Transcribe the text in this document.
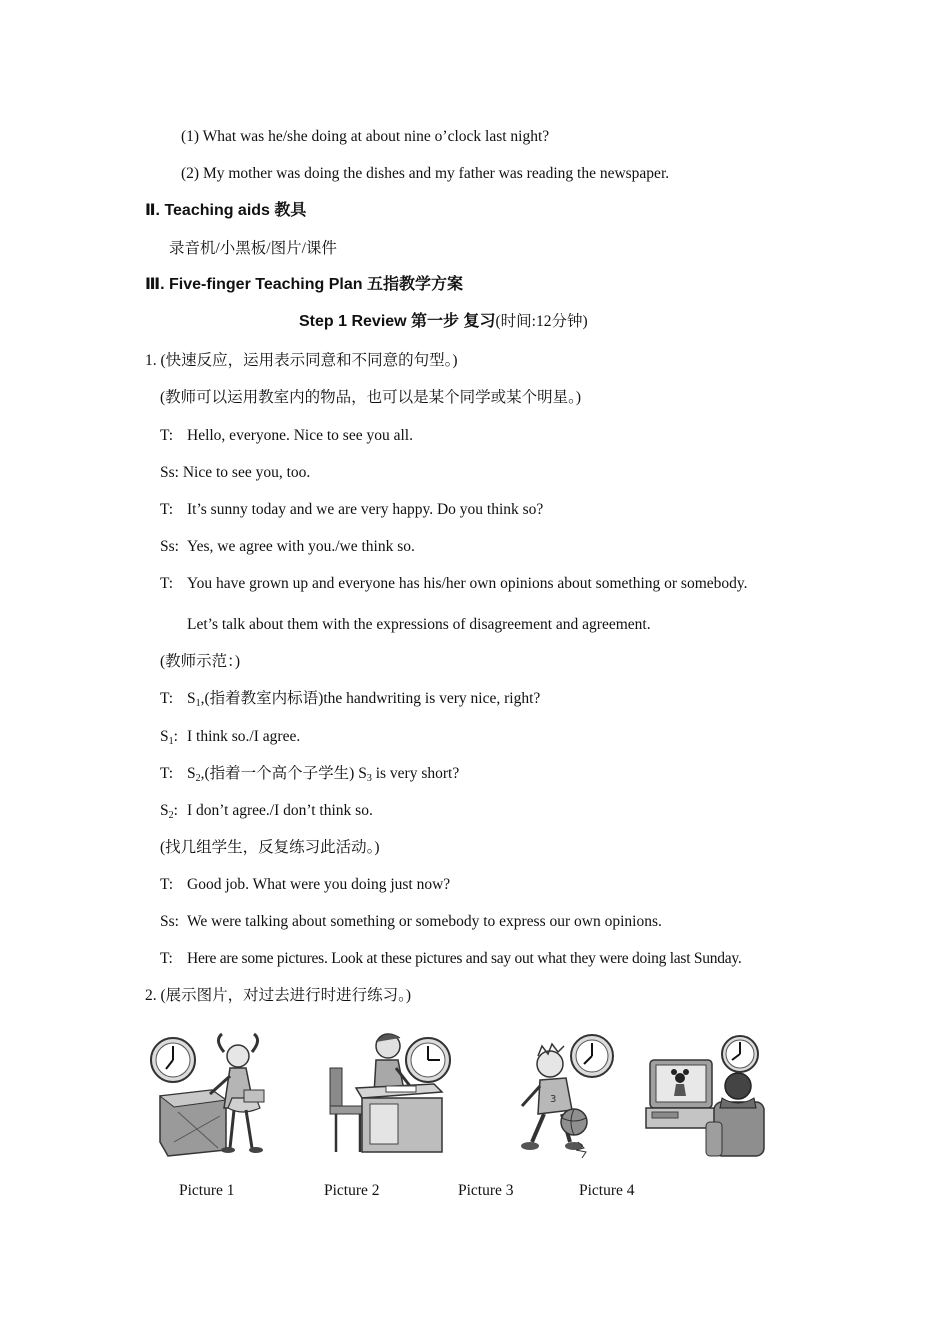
(1) What was he/she doing at about nine o’clock last night?
(2) My mother was doing the dishes and my father was reading the newspaper.
Ⅱ. Teaching aids 教具
录音机/小黑板/图片/课件
Ⅲ. Five-finger Teaching Plan 五指教学方案
Step 1 Review 第一步 复习(时间:12分钟)
1. (快速反应，运用表示同意和不同意的句型。)
(教师可以运用教室内的物品，也可以是某个同学或某个明星。)
T: Hello, everyone. Nice to see you all.
Ss: Nice to see you, too.
T: It’s sunny today and we are very happy. Do you think so?
Ss: Yes, we agree with you./we think so.
T: You have grown up and everyone has his/her own opinions about something or somebody.
Let’s talk about them with the expressions of disagreement and agreement.
(教师示范：)
T: $S_1$,(指着教室内标语)the handwriting is very nice, right?
$S_1$: I think so./I agree.
T: $S_2$,(指着一个高个子学生) $S_3$ is very short?
$S_2$: I don’t agree./I don’t think so.
(找几组学生，反复练习此活动。)
T: Good job. What were you doing just now?
Ss: We were talking about something or somebody to express our own opinions.
T: Here are some pictures. Look at these pictures and say out what they were doing last Sunday.
2. (展示图片，对过去进行时进行练习。)
3
Picture 1	Picture 2	Picture 3	Picture 4
